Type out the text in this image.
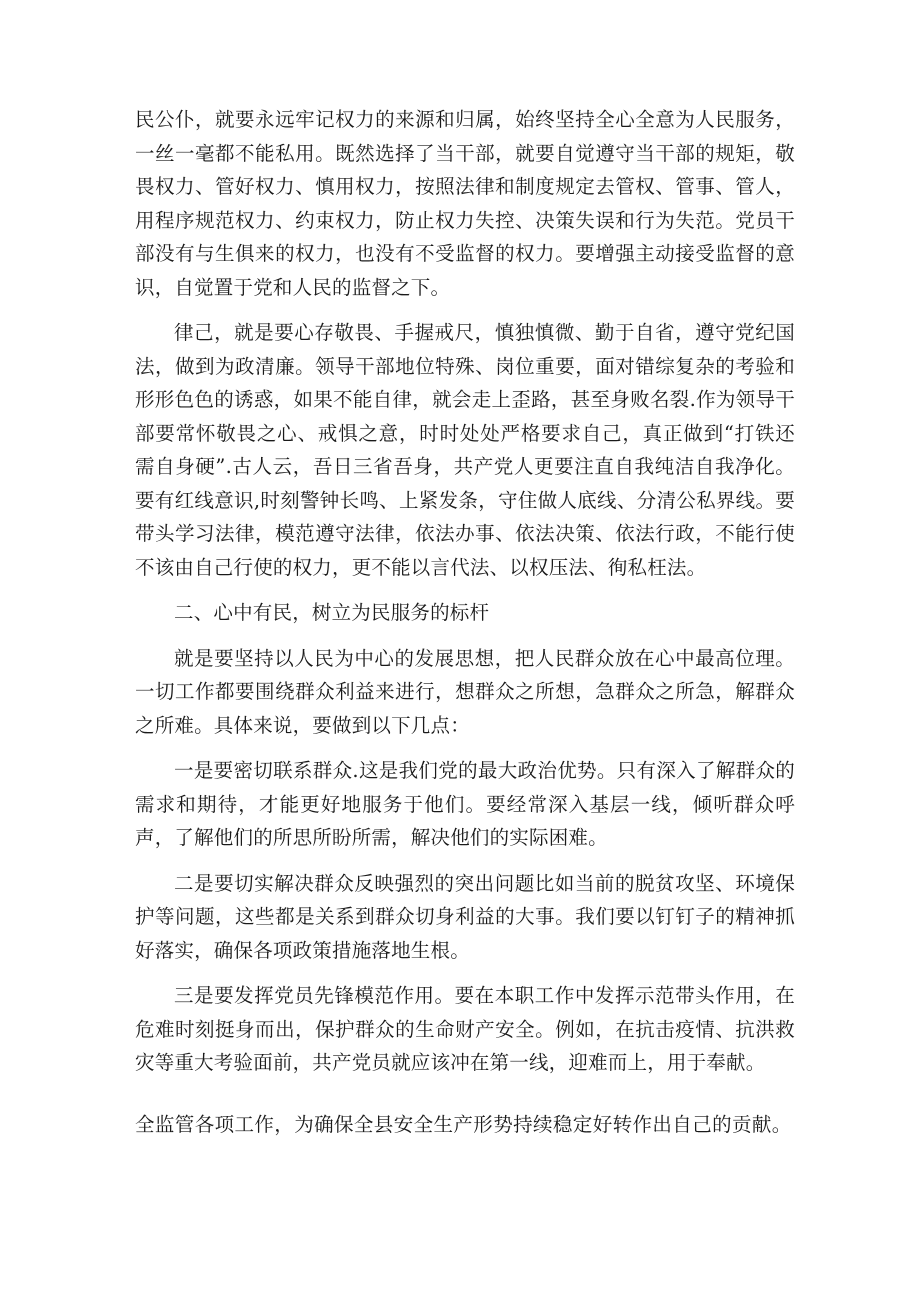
民公仆，就要永远牢记权力的来源和归属，始终坚持全心全意为人民服务，一丝一毫都不能私用。既然选择了当干部，就要自觉遵守当干部的规矩，敬畏权力、管好权力、慎用权力，按照法律和制度规定去管权、管事、管人，用程序规范权力、约束权力，防止权力失控、决策失误和行为失范。党员干部没有与生俱来的权力，也没有不受监督的权力。要增强主动接受监督的意识，自觉置于党和人民的监督之下。

律己，就是要心存敬畏、手握戒尺，慎独慎微、勤于自省，遵守党纪国法，做到为政清廉。领导干部地位特殊、岗位重要，面对错综复杂的考验和形形色色的诱惑，如果不能自律，就会走上歪路，甚至身败名裂.作为领导干部要常怀敬畏之心、戒惧之意，时时处处严格要求自己，真正做到“打铁还需自身硬”.古人云，吾日三省吾身，共产党人更要注直自我纯洁自我净化。要有红线意识,时刻警钟长鸣、上紧发条，守住做人底线、分清公私界线。要带头学习法律，模范遵守法律，依法办事、依法决策、依法行政，不能行使不该由自己行使的权力，更不能以言代法、以权压法、徇私枉法。

二、心中有民，树立为民服务的标杆

就是要坚持以人民为中心的发展思想，把人民群众放在心中最高位理。一切工作都要围绕群众利益来进行，想群众之所想，急群众之所急，解群众之所难。具体来说，要做到以下几点：

一是要密切联系群众.这是我们党的最大政治优势。只有深入了解群众的需求和期待，才能更好地服务于他们。要经常深入基层一线，倾听群众呼声，了解他们的所思所盼所需，解决他们的实际困难。

二是要切实解决群众反映强烈的突出问题比如当前的脱贫攻坚、环境保护等问题，这些都是关系到群众切身利益的大事。我们要以钉钉子的精神抓好落实，确保各项政策措施落地生根。

三是要发挥党员先锋模范作用。要在本职工作中发挥示范带头作用，在危难时刻挺身而出，保护群众的生命财产安全。例如，在抗击疫情、抗洪救灾等重大考验面前，共产党员就应该冲在第一线，迎难而上，用于奉献。

全监管各项工作，为确保全县安全生产形势持续稳定好转作出自己的贡献。
